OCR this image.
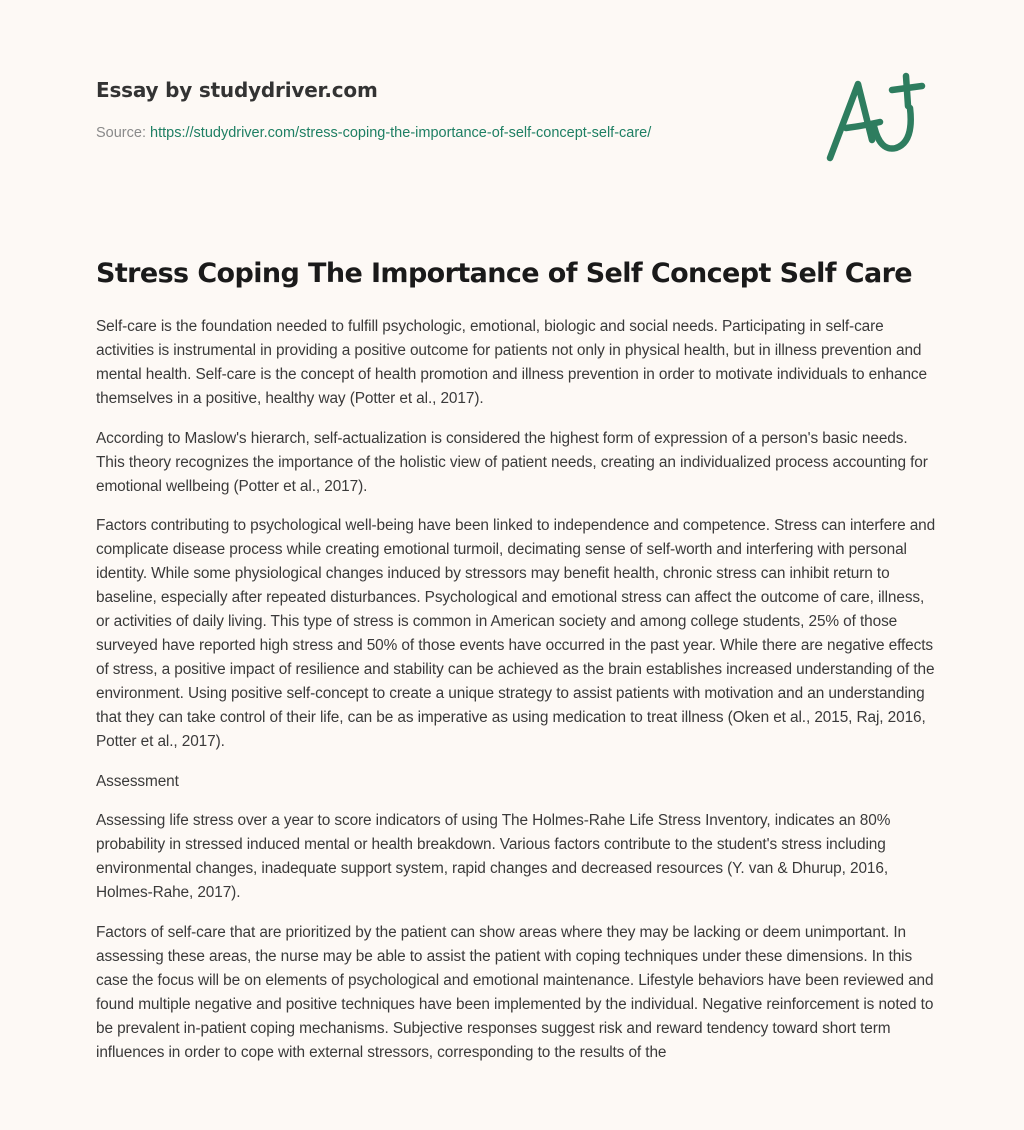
Essay by studydriver.com
Source: https://studydriver.com/stress-coping-the-importance-of-self-concept-self-care/
Stress Coping The Importance of Self Concept Self Care

Self-care is the foundation needed to fulfill psychologic, emotional, biologic and social needs. Participating in self-care activities is instrumental in providing a positive outcome for patients not only in physical health, but in illness prevention and mental health. Self-care is the concept of health promotion and illness prevention in order to motivate individuals to enhance themselves in a positive, healthy way (Potter et al., 2017).

According to Maslow's hierarch, self-actualization is considered the highest form of expression of a person's basic needs. This theory recognizes the importance of the holistic view of patient needs, creating an individualized process accounting for emotional wellbeing (Potter et al., 2017).

Factors contributing to psychological well-being have been linked to independence and competence. Stress can interfere and complicate disease process while creating emotional turmoil, decimating sense of self-worth and interfering with personal identity. While some physiological changes induced by stressors may benefit health, chronic stress can inhibit return to baseline, especially after repeated disturbances. Psychological and emotional stress can affect the outcome of care, illness, or activities of daily living. This type of stress is common in American society and among college students, 25% of those surveyed have reported high stress and 50% of those events have occurred in the past year. While there are negative effects of stress, a positive impact of resilience and stability can be achieved as the brain establishes increased understanding of the environment. Using positive self-concept to create a unique strategy to assist patients with motivation and an understanding that they can take control of their life, can be as imperative as using medication to treat illness (Oken et al., 2015, Raj, 2016, Potter et al., 2017).

Assessment

Assessing life stress over a year to score indicators of using The Holmes-Rahe Life Stress Inventory, indicates an 80% probability in stressed induced mental or health breakdown. Various factors contribute to the student's stress including environmental changes, inadequate support system, rapid changes and decreased resources (Y. van & Dhurup, 2016, Holmes-Rahe, 2017).

Factors of self-care that are prioritized by the patient can show areas where they may be lacking or deem unimportant. In assessing these areas, the nurse may be able to assist the patient with coping techniques under these dimensions. In this case the focus will be on elements of psychological and emotional maintenance. Lifestyle behaviors have been reviewed and found multiple negative and positive techniques have been implemented by the individual. Negative reinforcement is noted to be prevalent in-patient coping mechanisms. Subjective responses suggest risk and reward tendency toward short term influences in order to cope with external stressors, corresponding to the results of the
